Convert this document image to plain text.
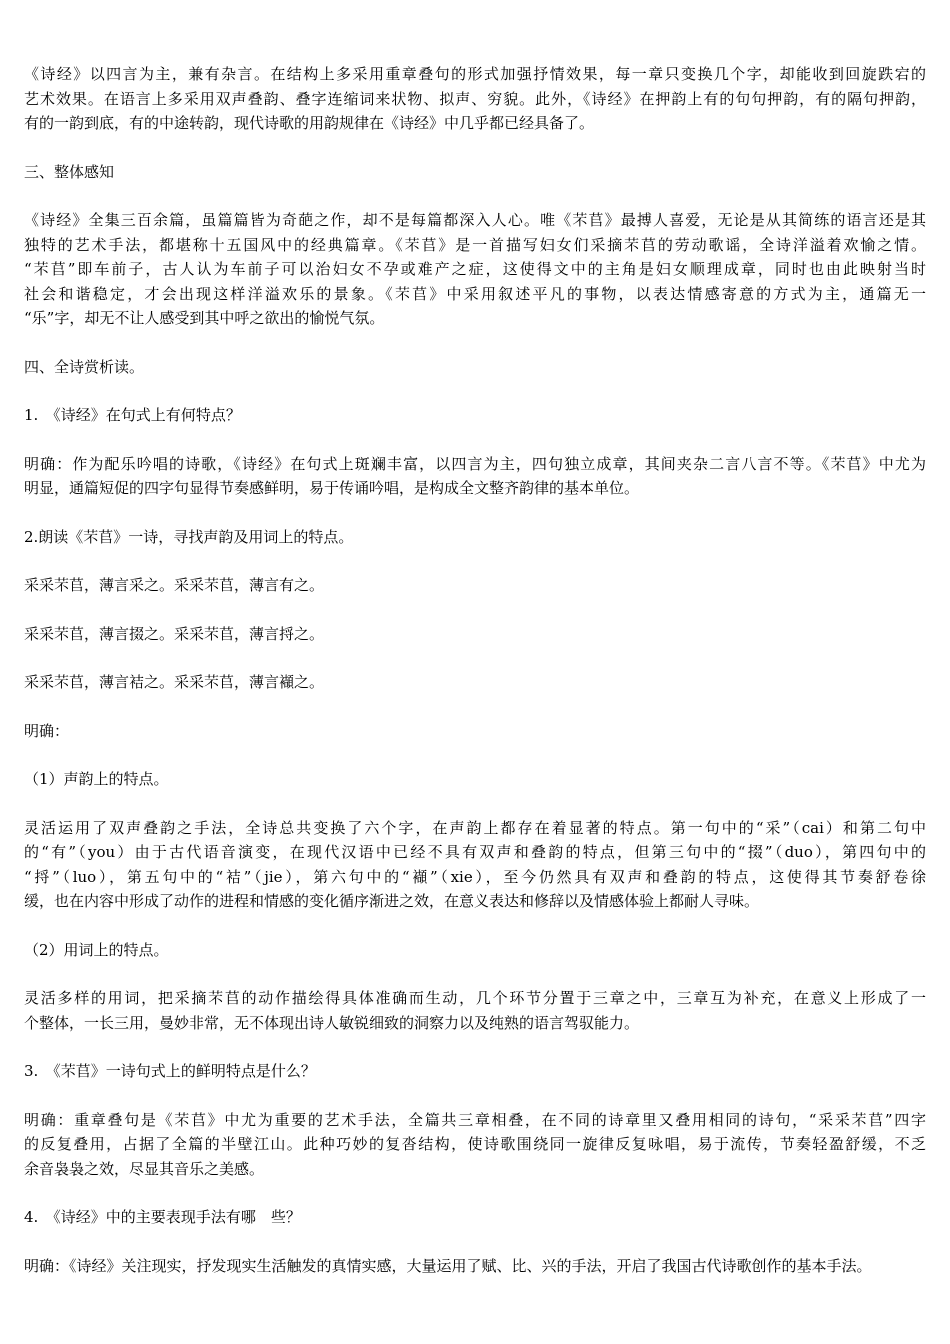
《诗经》以四言为主，兼有杂言。在结构上多采用重章叠句的形式加强抒情效果，每一章只变换几个字，却能收到回旋跌宕的
艺术效果。在语言上多采用双声叠韵、叠字连缩词来状物、拟声、穷貌。此外，《诗经》在押韵上有的句句押韵，有的隔句押韵，
有的一韵到底，有的中途转韵，现代诗歌的用韵规律在《诗经》中几乎都已经具备了。

三、整体感知

《诗经》全集三百余篇，虽篇篇皆为奇葩之作，却不是每篇都深入人心。唯《芣苢》最搏人喜爱，无论是从其简练的语言还是其
独特的艺术手法，都堪称十五国风中的经典篇章。《芣苢》是一首描写妇女们采摘芣苢的劳动歌谣，全诗洋溢着欢愉之情。
“芣苢”即车前子，古人认为车前子可以治妇女不孕或难产之症，这使得文中的主角是妇女顺理成章，同时也由此映射当时
社会和谐稳定，才会出现这样洋溢欢乐的景象。《芣苢》中采用叙述平凡的事物，以表达情感寄意的方式为主，通篇无一
“乐”字，却无不让人感受到其中呼之欲出的愉悦气氛。

四、全诗赏析读。

1.　《诗经》在句式上有何特点？

明确：作为配乐吟唱的诗歌，《诗经》在句式上斑斓丰富，以四言为主，四句独立成章，其间夹杂二言八言不等。《芣苢》中尤为
明显，通篇短促的四字句显得节奏感鲜明，易于传诵吟唱，是构成全文整齐韵律的基本单位。

2.朗读《芣苢》一诗，寻找声韵及用词上的特点。

采采芣苢，薄言采之。采采芣苢，薄言有之。

采采芣苢，薄言掇之。采采芣苢，薄言捋之。

采采芣苢，薄言袺之。采采芣苢，薄言襭之。

明确：

（1）声韵上的特点。

灵活运用了双声叠韵之手法，全诗总共变换了六个字，在声韵上都存在着显著的特点。第一句中的“采”（cai）和第二句中
的“有”（you）由于古代语音演变，在现代汉语中已经不具有双声和叠韵的特点，但第三句中的“掇”（duo），第四句中的
“捋”（luo），第五句中的“袺”（jie），第六句中的“襭”（xie），至今仍然具有双声和叠韵的特点，这使得其节奏舒卷徐
缓，也在内容中形成了动作的进程和情感的变化循序渐进之效，在意义表达和修辞以及情感体验上都耐人寻味。

（2）用词上的特点。

灵活多样的用词，把采摘芣苢的动作描绘得具体准确而生动，几个环节分置于三章之中，三章互为补充，在意义上形成了一
个整体，一长三用，曼妙非常，无不体现出诗人敏锐细致的洞察力以及纯熟的语言驾驭能力。

3.　《芣苢》一诗句式上的鲜明特点是什么？

明确：重章叠句是《芣苢》中尤为重要的艺术手法，全篇共三章相叠，在不同的诗章里又叠用相同的诗句，“采采芣苢”四字
的反复叠用，占据了全篇的半壁江山。此种巧妙的复沓结构，使诗歌围绕同一旋律反复咏唱，易于流传，节奏轻盈舒缓，不乏
余音袅袅之效，尽显其音乐之美感。

4.　《诗经》中的主要表现手法有哪　些？

明确：《诗经》关注现实，抒发现实生活触发的真情实感，大量运用了赋、比、兴的手法，开启了我国古代诗歌创作的基本手法。
